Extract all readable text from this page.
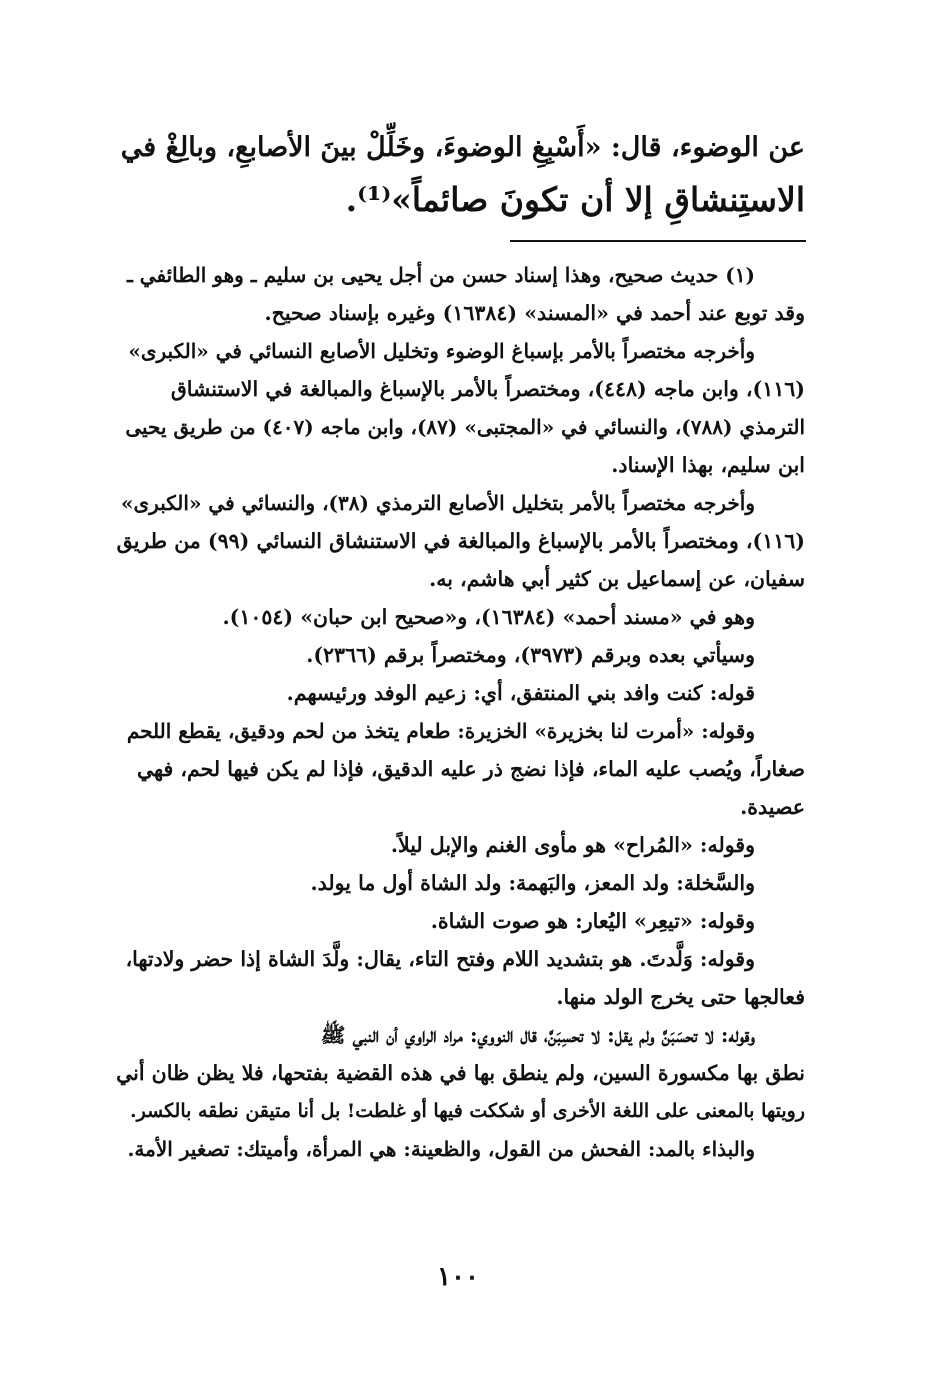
عن الوضوء، قال: «أَسْبِغِ الوضوءَ، وخَلِّلْ بينَ الأصابعِ، وبالِغْ في
الاستِنشاقِ إلا أن تكونَ صائماً»⁽¹⁾.
(١) حديث صحيح، وهذا إسناد حسن من أجل يحيى بن سليم ـ وهو الطائفي ـ
وقد توبع عند أحمد في «المسند» (١٦٣٨٤) وغيره بإسناد صحيح.
وأخرجه مختصراً بالأمر بإسباغ الوضوء وتخليل الأصابع النسائي في «الكبرى»
(١١٦)، وابن ماجه (٤٤٨)، ومختصراً بالأمر بالإسباغ والمبالغة في الاستنشاق
الترمذي (٧٨٨)، والنسائي في «المجتبى» (٨٧)، وابن ماجه (٤٠٧) من طريق يحيى
ابن سليم، بهذا الإسناد.
وأخرجه مختصراً بالأمر بتخليل الأصابع الترمذي (٣٨)، والنسائي في «الكبرى»
(١١٦)، ومختصراً بالأمر بالإسباغ والمبالغة في الاستنشاق النسائي (٩٩) من طريق
سفيان، عن إسماعيل بن كثير أبي هاشم، به.
وهو في «مسند أحمد» (١٦٣٨٤)، و«صحيح ابن حبان» (١٠٥٤).
وسيأتي بعده وبرقم (٣٩٧٣)، ومختصراً برقم (٢٣٦٦).
قوله: كنت وافد بني المنتفق، أي: زعيم الوفد ورئيسهم.
وقوله: «أمرت لنا بخزيرة» الخزيرة: طعام يتخذ من لحم ودقيق، يقطع اللحم
صغاراً، ويُصب عليه الماء، فإذا نضج ذر عليه الدقيق، فإذا لم يكن فيها لحم، فهي
عصيدة.
وقوله: «المُراح» هو مأوى الغنم والإبل ليلاً.
والسَّخلة: ولد المعز، والبَهمة: ولد الشاة أول ما يولد.
وقوله: «تيعِر» اليُعار: هو صوت الشاة.
وقوله: وَلَّدتَ. هو بتشديد اللام وفتح التاء، يقال: ولَّدَ الشاة إذا حضر ولادتها،
فعالجها حتى يخرج الولد منها.
وقوله: لا تحسَبَنَّ ولم يقل: لا تحسِبَنَّ، قال النووي: مراد الراوي أن النبي ﷺ
نطق بها مكسورة السين، ولم ينطق بها في هذه القضية بفتحها، فلا يظن ظان أني
رويتها بالمعنى على اللغة الأخرى أو شككت فيها أو غلطت! بل أنا متيقن نطقه بالكسر.
والبذاء بالمد: الفحش من القول، والظعينة: هي المرأة، وأميتك: تصغير الأمة.
١٠٠
